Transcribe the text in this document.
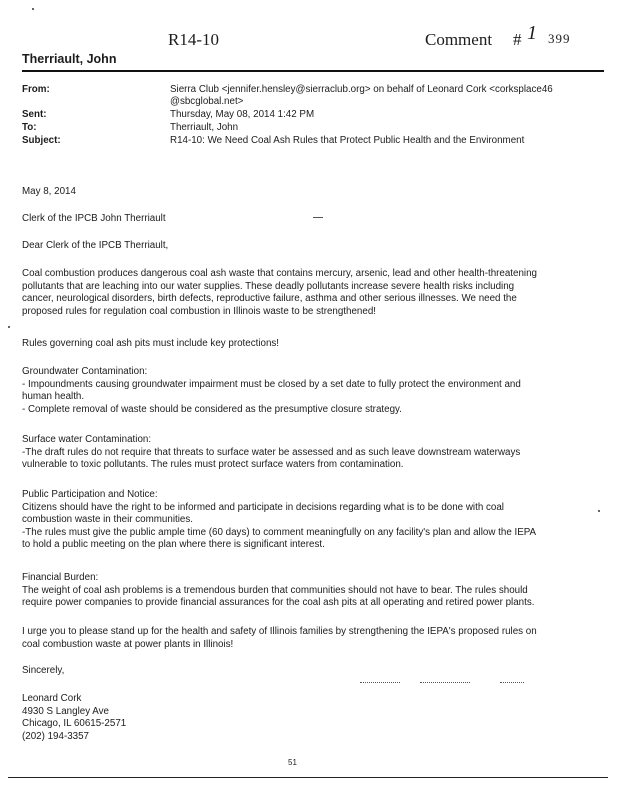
R14-10	Comment # 1 399
Therriault, John
From:	Sierra Club <jennifer.hensley@sierraclub.org> on behalf of Leonard Cork <corksplace46
@sbcglobal.net>
Sent:	Thursday, May 08, 2014 1:42 PM
To:	Therriault, John
Subject:	R14-10: We Need Coal Ash Rules that Protect Public Health and the Environment
May 8, 2014
Clerk of the IPCB John Therriault
Dear Clerk of the IPCB Therriault,
Coal combustion produces dangerous coal ash waste that contains mercury, arsenic, lead and other health-threatening
pollutants that are leaching into our water supplies. These deadly pollutants increase severe health risks including
cancer, neurological disorders, birth defects, reproductive failure, asthma and other serious illnesses. We need the
proposed rules for regulation coal combustion in Illinois waste to be strengthened!
Rules governing coal ash pits must include key protections!
Groundwater Contamination:
- Impoundments causing groundwater impairment must be closed by a set date to fully protect the environment and
human health.
- Complete removal of waste should be considered as the presumptive closure strategy.
Surface water Contamination:
-The draft rules do not require that threats to surface water be assessed and as such leave downstream waterways
vulnerable to toxic pollutants. The rules must protect surface waters from contamination.
Public Participation and Notice:
Citizens should have the right to be informed and participate in decisions regarding what is to be done with coal
combustion waste in their communities.
-The rules must give the public ample time (60 days) to comment meaningfully on any facility's plan and allow the IEPA
to hold a public meeting on the plan where there is significant interest.
Financial Burden:
The weight of coal ash problems is a tremendous burden that communities should not have to bear. The rules should
require power companies to provide financial assurances for the coal ash pits at all operating and retired power plants.
I urge you to please stand up for the health and safety of Illinois families by strengthening the IEPA's proposed rules on
coal combustion waste at power plants in Illinois!
Sincerely,
Leonard Cork
4930 S Langley Ave
Chicago, IL 60615-2571
(202) 194-3357
51
